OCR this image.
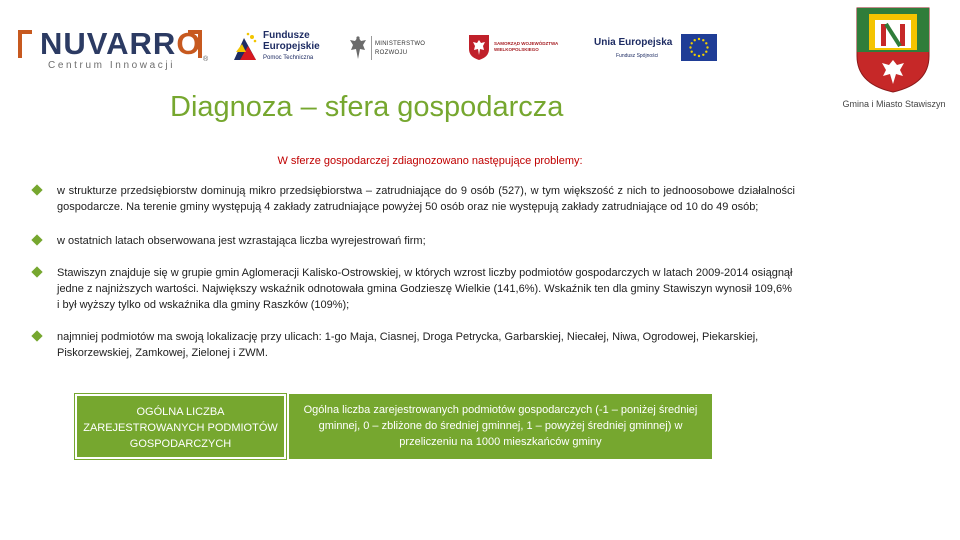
NUVARRO
Centrum Innowacji
®
Fundusze
Europejskie
Pomoc Techniczna
MINISTERSTWO
ROZWOJU
SAMORZĄD WOJEWÓDZTWA
WIELKOPOLSKIEGO
Unia Europejska
Fundusz Spójności
Gmina i Miasto Stawiszyn
Diagnoza – sfera gospodarcza
W sferze gospodarczej zdiagnozowano następujące problemy:
w strukturze przedsiębiorstw dominują mikro przedsiębiorstwa – zatrudniające do 9 osób (527), w tym większość z nich to jednoosobowe działalności gospodarcze. Na terenie gminy występują 4 zakłady zatrudniające powyżej 50 osób oraz nie występują zakłady zatrudniające od 10 do 49 osób;
w ostatnich latach obserwowana jest wzrastająca liczba wyrejestrowań firm;
Stawiszyn znajduje się w grupie gmin Aglomeracji Kalisko-Ostrowskiej, w których wzrost liczby podmiotów gospodarczych w latach 2009-2014 osiągnął jedne z najniższych wartości. Największy wskaźnik odnotowała gmina Godzieszę Wielkie (141,6%). Wskaźnik ten dla gminy Stawiszyn wynosił 109,6% i był wyższy tylko od wskaźnika dla gminy Raszków (109%);
najmniej podmiotów ma swoją lokalizację przy ulicach: 1-go Maja, Ciasnej, Droga Petrycka, Garbarskiej, Niecałej, Niwa, Ogrodowej, Piekarskiej, Piskorzewskiej, Zamkowej, Zielonej i ZWM.
OGÓLNA LICZBA ZAREJESTROWANYCH PODMIOTÓW GOSPODARCZYCH
Ogólna liczba zarejestrowanych podmiotów gospodarczych (-1 – poniżej średniej gminnej, 0 – zbliżone do średniej gminnej, 1 – powyżej średniej gminnej) w przeliczeniu na 1000 mieszkańców gminy
